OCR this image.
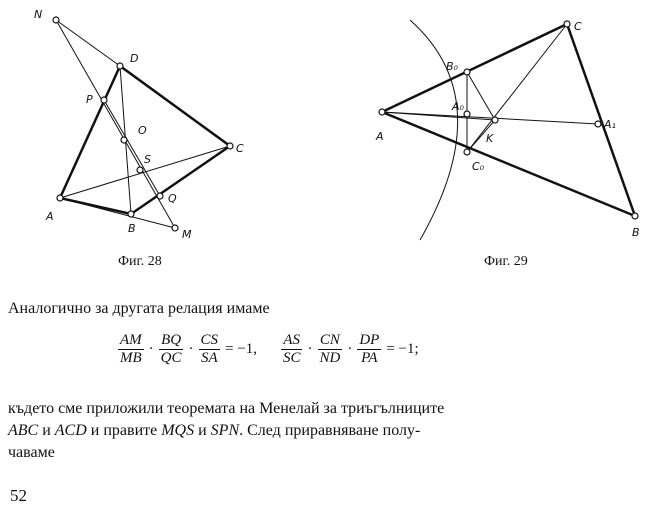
N
D
P
O
S
C
A
B
Q
M
Фиг. 28
C
B₀
A₀
A	K
A₁
C₀
B
Фиг. 29
Аналогично за другата релация имаме
$\frac{AM}{MB} \cdot \frac{BQ}{QC} \cdot \frac{CS}{SA} = -1$, $\frac{AS}{SC} \cdot \frac{CN}{ND} \cdot \frac{DP}{PA} = -1$;
където сме приложили теоремата на Менелай за триъгълниците
ABC и ACD и правите MQS и SPN. След приравняване полу-
чаваме
52
